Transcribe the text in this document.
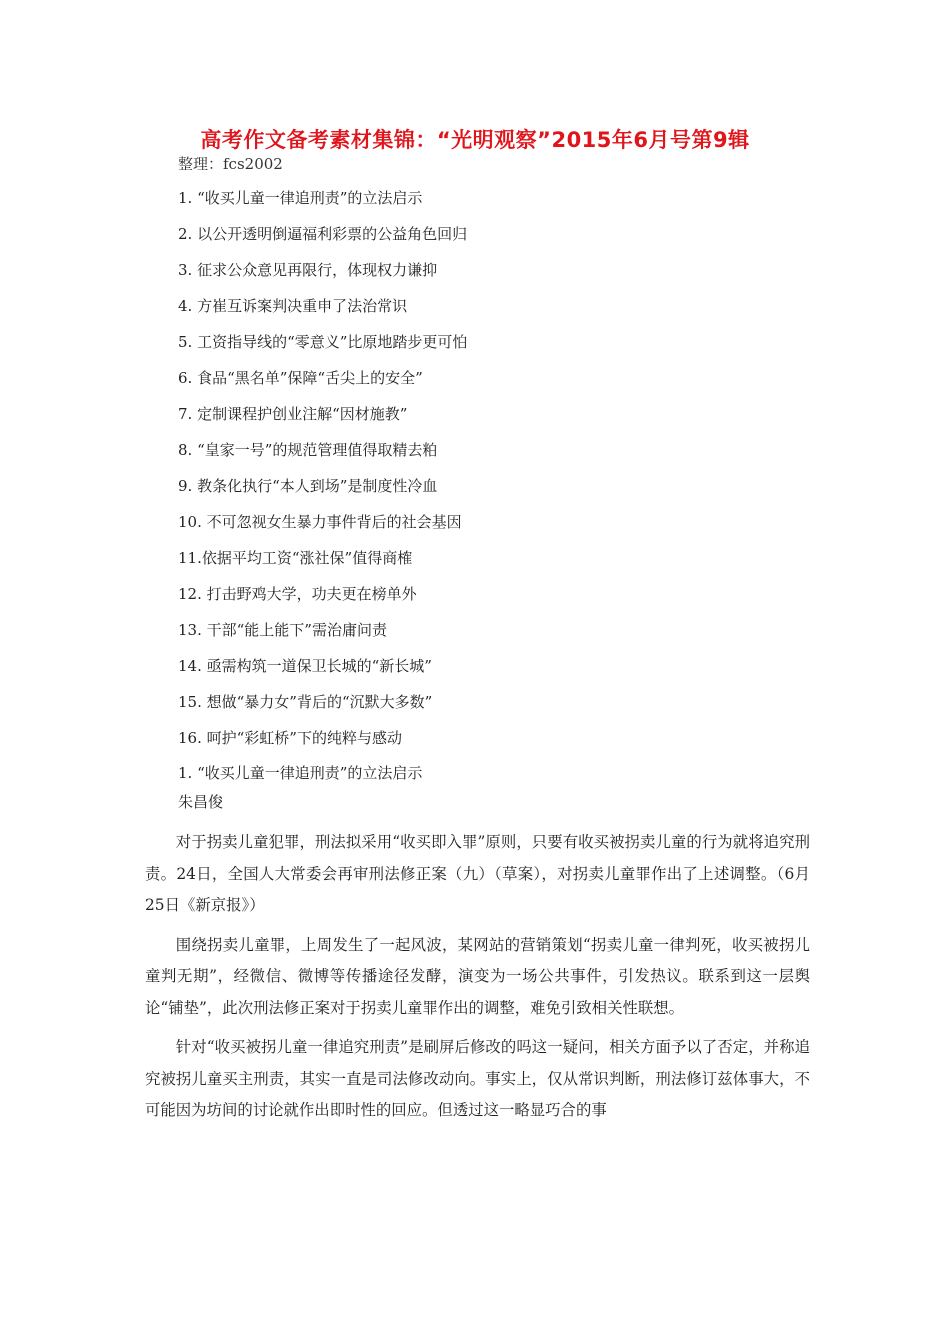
高考作文备考素材集锦：“光明观察”2015年6月号第9辑
整理：fcs2002
1. “收买儿童一律追刑责”的立法启示
2. 以公开透明倒逼福利彩票的公益角色回归
3. 征求公众意见再限行，体现权力谦抑
4. 方崔互诉案判决重申了法治常识
5. 工资指导线的“零意义”比原地踏步更可怕
6. 食品“黑名单”保障“舌尖上的安全”
7. 定制课程护创业注解“因材施教”
8. “皇家一号”的规范管理值得取精去粕
9. 教条化执行“本人到场”是制度性冷血
10. 不可忽视女生暴力事件背后的社会基因
11.依据平均工资“涨社保”值得商榷
12. 打击野鸡大学，功夫更在榜单外
13. 干部“能上能下”需治庸问责
14. 亟需构筑一道保卫长城的“新长城”
15. 想做“暴力女”背后的“沉默大多数”
16. 呵护“彩虹桥”下的纯粹与感动
1. “收买儿童一律追刑责”的立法启示
朱昌俊

对于拐卖儿童犯罪，刑法拟采用“收买即入罪”原则，只要有收买被拐卖儿童的行为就将追究刑责。24日，全国人大常委会再审刑法修正案（九）（草案），对拐卖儿童罪作出了上述调整。（6月25日《新京报》）

围绕拐卖儿童罪，上周发生了一起风波，某网站的营销策划“拐卖儿童一律判死，收买被拐儿童判无期”，经微信、微博等传播途径发酵，演变为一场公共事件，引发热议。联系到这一层舆论“铺垫”，此次刑法修正案对于拐卖儿童罪作出的调整，难免引致相关性联想。

针对“收买被拐儿童一律追究刑责”是刷屏后修改的吗这一疑问，相关方面予以了否定，并称追究被拐儿童买主刑责，其实一直是司法修改动向。事实上，仅从常识判断，刑法修订兹体事大，不可能因为坊间的讨论就作出即时性的回应。但透过这一略显巧合的事
